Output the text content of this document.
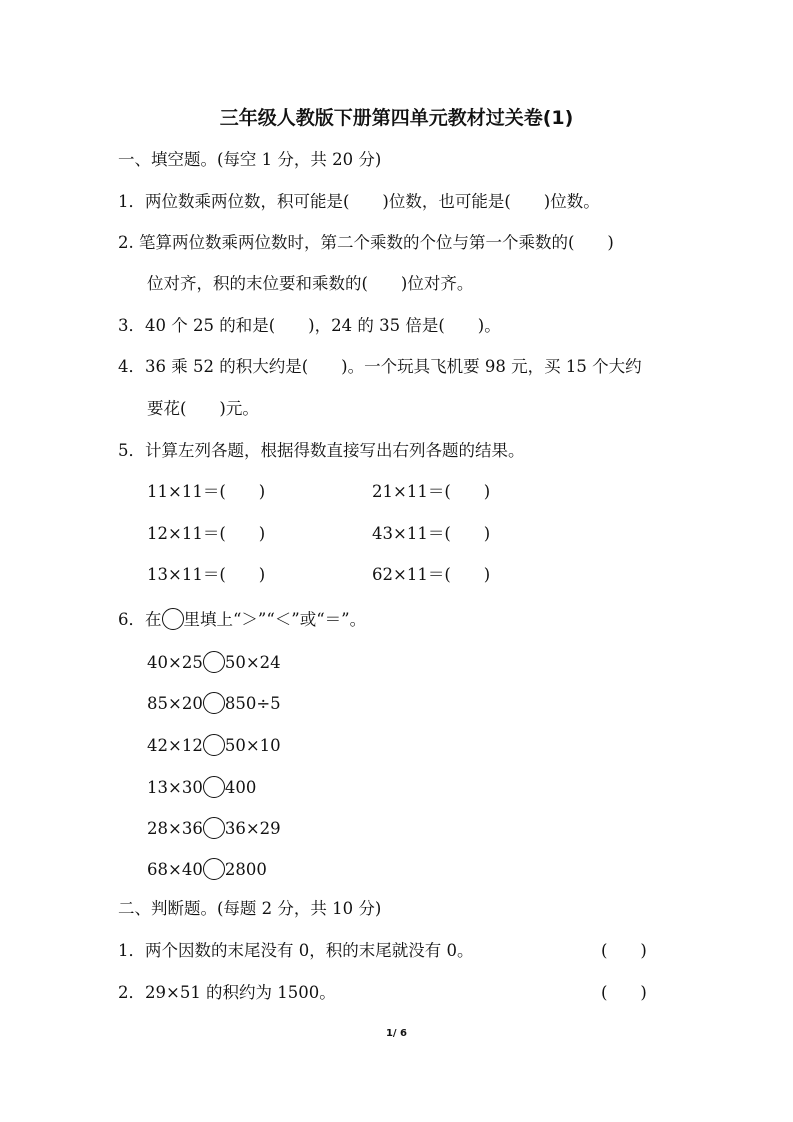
三年级人教版下册第四单元教材过关卷(1)
一、填空题。(每空 1 分，共 20 分)
1．两位数乘两位数，积可能是(　　)位数，也可能是(　　)位数。
2. 笔算两位数乘两位数时，第二个乘数的个位与第一个乘数的(　　)
位对齐，积的末位要和乘数的(　　)位对齐。
3．40 个 25 的和是(　　)，24 的 35 倍是(　　)。
4．36 乘 52 的积大约是(　　)。一个玩具飞机要 98 元，买 15 个大约
要花(　　)元。
5．计算左列各题，根据得数直接写出右列各题的结果。
11×11＝(　　)
12×11＝(　　)
13×11＝(　　)
21×11＝(　　)
43×11＝(　　)
62×11＝(　　)
6．在 里填上“＞”“＜”或“＝”。
40×25 50×24
85×20 850÷5
42×12 50×10
13×30 400
28×36 36×29
68×40 2800
二、判断题。(每题 2 分，共 10 分)
1．两个因数的末尾没有 0，积的末尾就没有 0。	(　　)
2．29×51 的积约为 1500。	(　　)
1/ 6
